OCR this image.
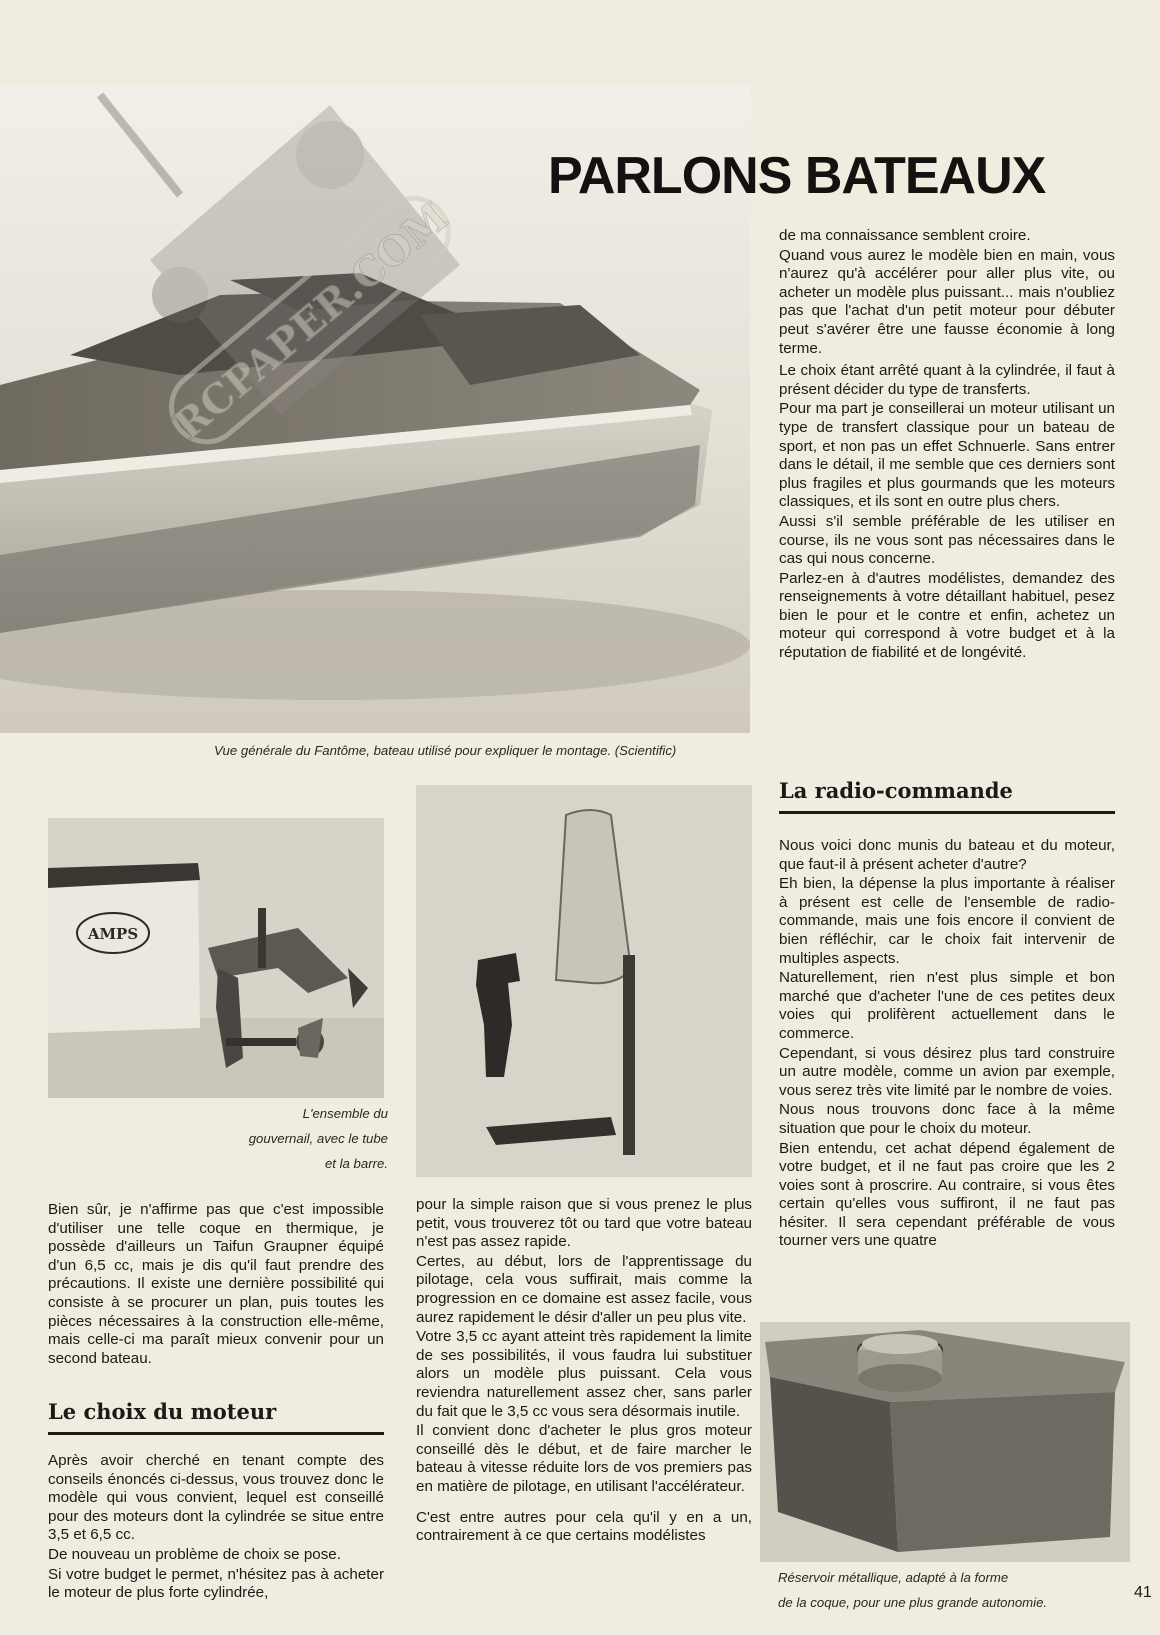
RCPAPER.COM
PARLONS BATEAUX

de ma connaissance semblent croire.

Quand vous aurez le modèle bien en main, vous n'aurez qu'à accélérer pour aller plus vite, ou acheter un modèle plus puissant... mais n'oubliez pas que l'achat d'un petit moteur pour débuter peut s'avérer être une fausse économie à long terme.

Le choix étant arrêté quant à la cylindrée, il faut à présent décider du type de transferts.

Pour ma part je conseillerai un moteur utilisant un type de transfert classique pour un bateau de sport, et non pas un effet Schnuerle. Sans entrer dans le détail, il me semble que ces derniers sont plus fragiles et plus gourmands que les moteurs classiques, et ils sont en outre plus chers.

Aussi s'il semble préférable de les utiliser en course, ils ne vous sont pas nécessaires dans le cas qui nous concerne.

Parlez-en à d'autres modélistes, demandez des renseignements à votre détaillant habituel, pesez bien le pour et le contre et enfin, achetez un moteur qui correspond à votre budget et à la réputation de fiabilité et de longévité.

Vue générale du Fantôme, bateau utilisé pour expliquer le montage. (Scientific)
AMPS
L'ensemble du
gouvernail, avec le tube
et la barre.
La radio-commande

Nous voici donc munis du bateau et du moteur, que faut-il à présent acheter d'autre?

Eh bien, la dépense la plus importante à réaliser à présent est celle de l'ensemble de radio-commande, mais une fois encore il convient de bien réfléchir, car le choix fait intervenir de multiples aspects.

Naturellement, rien n'est plus simple et bon marché que d'acheter l'une de ces petites deux voies qui prolifèrent actuellement dans le commerce.

Cependant, si vous désirez plus tard construire un autre modèle, comme un avion par exemple, vous serez très vite limité par le nombre de voies.

Nous nous trouvons donc face à la même situation que pour le choix du moteur.

Bien entendu, cet achat dépend également de votre budget, et il ne faut pas croire que les 2 voies sont à proscrire. Au contraire, si vous êtes certain qu'elles vous suffiront, il ne faut pas hésiter. Il sera cependant préférable de vous tourner vers une quatre

Bien sûr, je n'affirme pas que c'est impossible d'utiliser une telle coque en thermique, je possède d'ailleurs un Taifun Graupner équipé d'un 6,5 cc, mais je dis qu'il faut prendre des précautions. Il existe une dernière possibilité qui consiste à se procurer un plan, puis toutes les pièces nécessaires à la construction elle-même, mais celle-ci ma paraît mieux convenir pour un second bateau.

Le choix du moteur

Après avoir cherché en tenant compte des conseils énoncés ci-dessus, vous trouvez donc le modèle qui vous convient, lequel est conseillé pour des moteurs dont la cylindrée se situe entre 3,5 et 6,5 cc.

De nouveau un problème de choix se pose.

Si votre budget le permet, n'hésitez pas à acheter le moteur de plus forte cylindrée,

pour la simple raison que si vous prenez le plus petit, vous trouverez tôt ou tard que votre bateau n'est pas assez rapide.

Certes, au début, lors de l'apprentissage du pilotage, cela vous suffirait, mais comme la progression en ce domaine est assez facile, vous aurez rapidement le désir d'aller un peu plus vite.

Votre 3,5 cc ayant atteint très rapidement la limite de ses possibilités, il vous faudra lui substituer alors un modèle plus puissant. Cela vous reviendra naturellement assez cher, sans parler du fait que le 3,5 cc vous sera désormais inutile.

Il convient donc d'acheter le plus gros moteur conseillé dès le début, et de faire marcher le bateau à vitesse réduite lors de vos premiers pas en matière de pilotage, en utilisant l'accélérateur.

C'est entre autres pour cela qu'il y en a un, contrairement à ce que certains modélistes

Réservoir métallique, adapté à la forme
de la coque, pour une plus grande autonomie.
41
